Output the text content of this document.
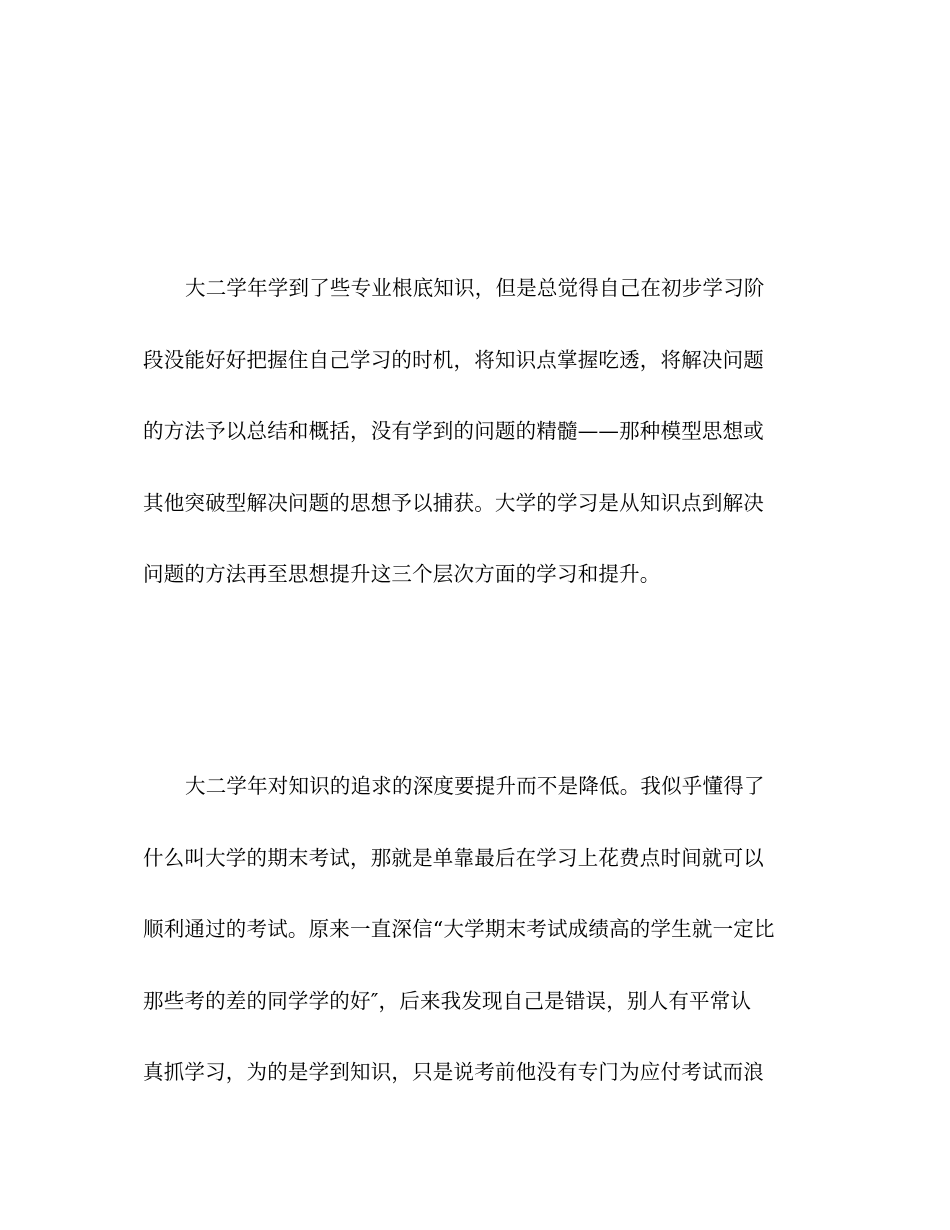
大二学年学到了些专业根底知识，但是总觉得自己在初步学习阶
段没能好好把握住自己学习的时机，将知识点掌握吃透，将解决问题
的方法予以总结和概括，没有学到的问题的精髓——那种模型思想或
其他突破型解决问题的思想予以捕获。大学的学习是从知识点到解决
问题的方法再至思想提升这三个层次方面的学习和提升。
大二学年对知识的追求的深度要提升而不是降低。我似乎懂得了
什么叫大学的期末考试，那就是单靠最后在学习上花费点时间就可以
顺利通过的考试。原来一直深信“大学期末考试成绩高的学生就一定比
那些考的差的同学学的好″，后来我发现自己是错误，别人有平常认
真抓学习，为的是学到知识，只是说考前他没有专门为应付考试而浪
